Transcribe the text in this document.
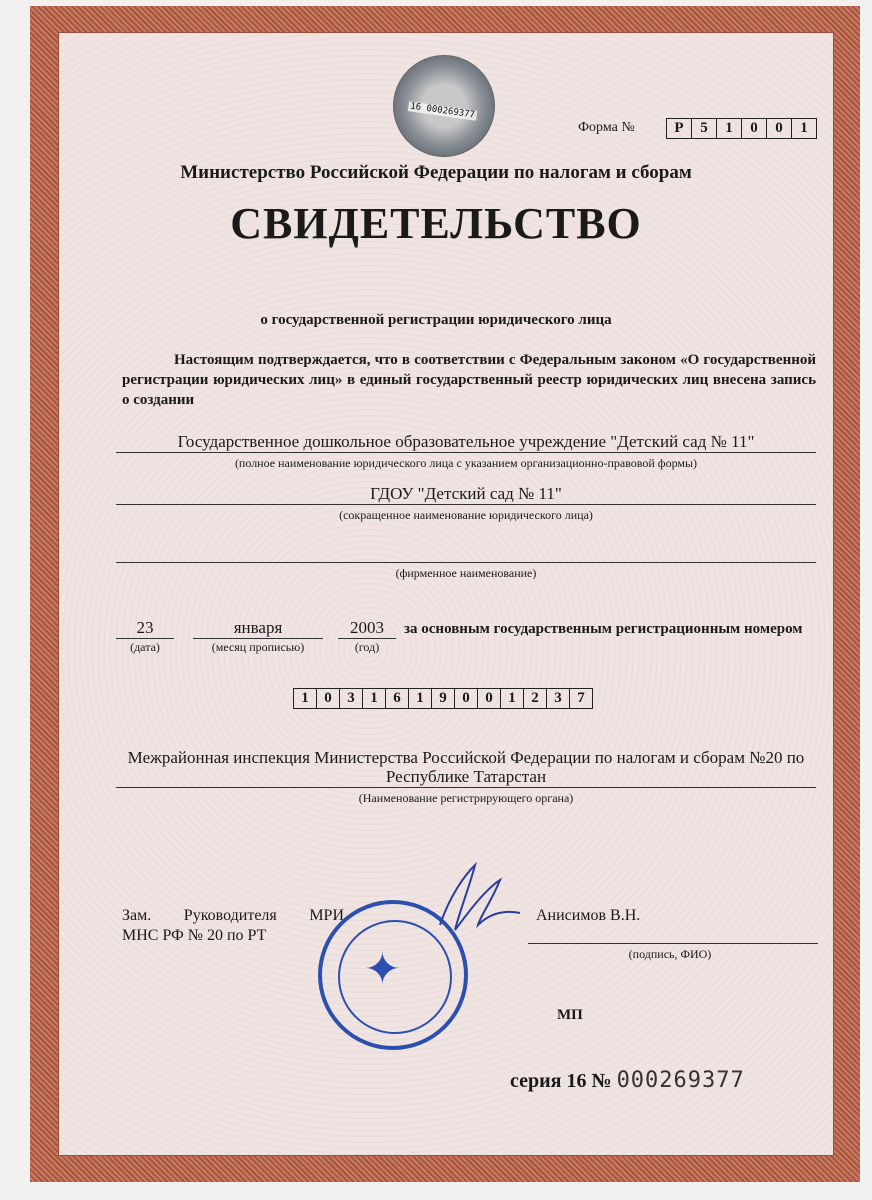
16 000269377
Форма №	Р	5	1	0	0	1
Министерство Российской Федерации по налогам и сборам
СВИДЕТЕЛЬСТВО
о государственной регистрации юридического лица
Настоящим подтверждается, что в соответствии с Федеральным законом «О государственной регистрации юридических лиц» в единый государственный реестр юридических лиц внесена запись о создании
Государственное дошкольное образовательное учреждение "Детский сад № 11"
(полное наименование юридического лица с указанием организационно-правовой формы)
ГДОУ "Детский сад № 11"
(сокращенное наименование юридического лица)
(фирменное наименование)
23
(дата)
января
(месяц прописью)
2003
(год)
за основным государственным регистрационным номером
1	0	3	1	6	1	9	0	0	1	2	3	7
Межрайонная инспекция Министерства Российской Федерации по налогам и сборам №20 по
Республике Татарстан
(Наименование регистрирующего органа)
Зам. Руководителя МРИ
МНС РФ № 20 по РТ
✦
Анисимов В.Н.
(подпись, ФИО)
МП
серия 16 № 000269377
